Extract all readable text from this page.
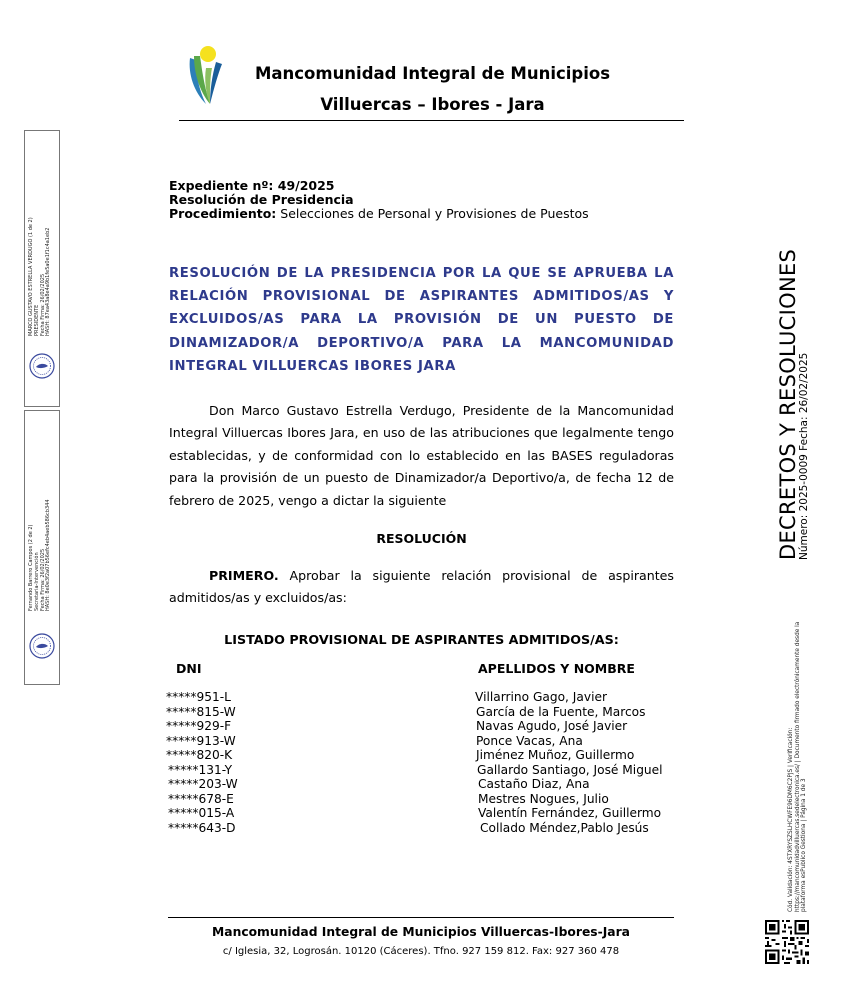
Mancomunidad Integral de Municipios
Villuercas – Ibores - Jara
Expediente nº: 49/2025
Resolución de Presidencia
Procedimiento: Selecciones de Personal y Provisiones de Puestos
RESOLUCIÓN DE LA PRESIDENCIA POR LA QUE SE APRUEBA LA RELACIÓN PROVISIONAL DE ASPIRANTES ADMITIDOS/AS Y EXCLUIDOS/AS PARA LA PROVISIÓN DE UN PUESTO DE DINAMIZADOR/A DEPORTIVO/A PARA LA MANCOMUNIDAD INTEGRAL VILLUERCAS IBORES JARA
Don Marco Gustavo Estrella Verdugo, Presidente de la Mancomunidad Integral Villuercas Ibores Jara, en uso de las atribuciones que legalmente tengo establecidas, y de conformidad con lo establecido en las BASES reguladoras para la provisión de un puesto de Dinamizador/a Deportivo/a, de fecha 12 de febrero de 2025, vengo a dictar la siguiente
RESOLUCIÓN
PRIMERO. Aprobar la siguiente relación provisional de aspirantes admitidos/as y excluidos/as:
LISTADO PROVISIONAL DE ASPIRANTES ADMITIDOS/AS:
DNI	APELLIDOS Y NOMBRE
*****951-L	Villarrino Gago, Javier
*****815-W	García de la Fuente, Marcos
*****929-F	Navas Agudo, José Javier
*****913-W	Ponce Vacas, Ana
*****820-K	Jiménez Muñoz, Guillermo
*****131-Y	Gallardo Santiago, José Miguel
*****203-W	Castaño Diaz, Ana
*****678-E	Mestres Nogues, Julio
*****015-A	Valentín Fernández, Guillermo
*****643-D	Collado Méndez,Pablo Jesús
Mancomunidad Integral de Municipios Villuercas-Ibores-Jara
c/ Iglesia, 32, Logrosán. 10120 (Cáceres). Tfno. 927 159 812. Fax: 927 360 478
MARCO GUSTAVO ESTRELLA VERDUGO (1 de 2) PRESIDENTE Fecha Firma: 26/02/2025 HASH: 87ea43a8e4a9b1fe5a0e1f1c4a1eb2
Fernando Barrero Campos (2 de 2) Secretaria-Intervención Fecha Firma: 26/02/2025 HASH: 8e0e3f2a07b56efc4eb4aeb586cb344	DECRETOS Y RESOLUCIONES
Número: 2025-0009 Fecha: 26/02/2025
Cód. Validación: 4STXRYSZSLHCWFE96DM6C2PJS | Verificación: https://mancomunidadvilluercas.sedelectronica.es/ | Documento firmado electrónicamente desde la plataforma esPublico Gestiona | Página 1 de 3
